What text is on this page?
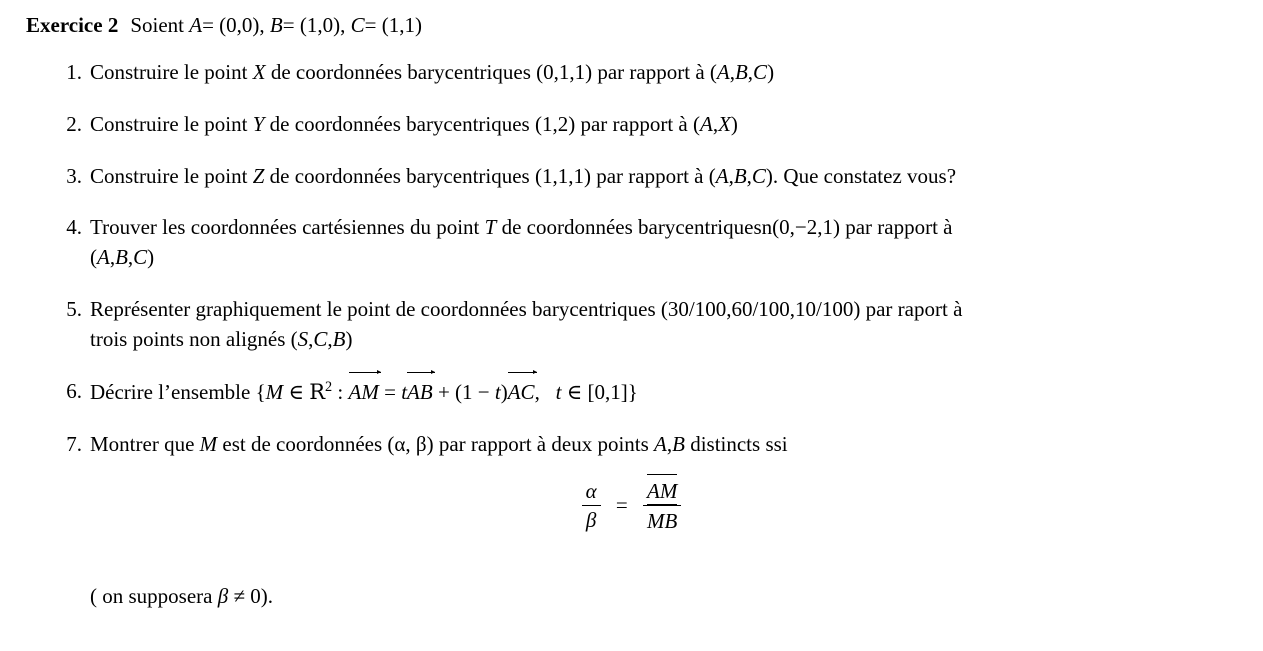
Exercice 2 Soient A= (0,0), B= (1,0), C= (1,1)
1. Construire le point X de coordonnées barycentriques (0,1,1) par rapport à (A,B,C)
2. Construire le point Y de coordonnées barycentriques (1,2) par rapport à (A,X)
3. Construire le point Z de coordonnées barycentriques (1,1,1) par rapport à (A,B,C). Que constatez vous?
4. Trouver les coordonnées cartésiennes du point T de coordonnées barycentriquesn(0,−2,1) par rapport à
(A,B,C)
5. Représenter graphiquement le point de coordonnées barycentriques (30/100,60/100,10/100) par raport à
trois points non alignés (S,C,B)
6. Décrire l’ensemble {M ∈ $R^2$ : AM = tAB + (1 − t)AC, t ∈ [0,1]}
7. Montrer que M est de coordonnées (α, β) par rapport à deux points A,B distincts ssi
$\frac{\alpha}{\beta} = \frac{AM}{MB}$
( on supposera β ≠ 0).
